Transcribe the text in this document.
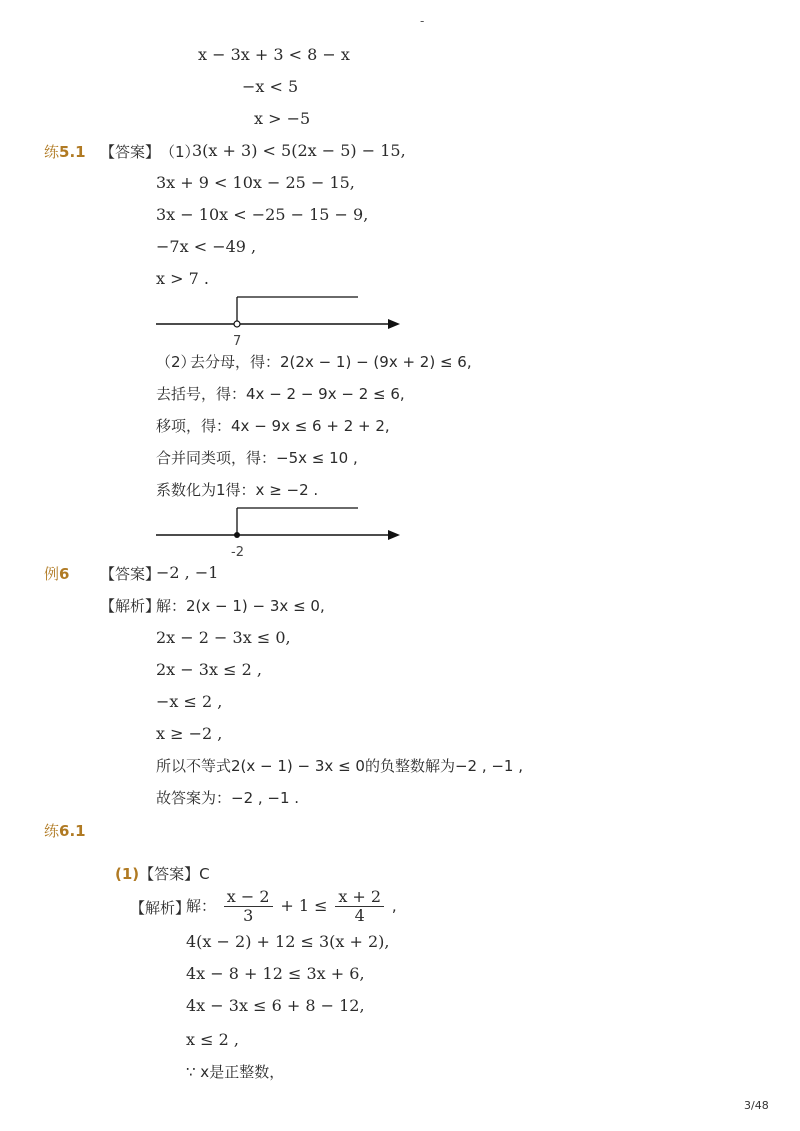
-
x − 3x + 3 < 8 − x
−x < 5
x > −5
练5.1 【答案】 （1）
3(x + 3) < 5(2x − 5) − 15,
3x + 9 < 10x − 25 − 15,
3x − 10x < −25 − 15 − 9,
−7x < −49 ,
x > 7 .
7
（2）
去分母，得：2(2x − 1) − (9x + 2) ≤ 6,
去括号，得：4x − 2 − 9x − 2 ≤ 6,
移项，得：4x − 9x ≤ 6 + 2 + 2,
合并同类项，得：−5x ≤ 10 ,
系数化为1得：x ≥ −2 .
-2
例6 【答案】
−2 , −1
【解析】
解：2(x − 1) − 3x ≤ 0,
2x − 2 − 3x ≤ 0,
2x − 3x ≤ 2 ,
−x ≤ 2 ,
x ≥ −2 ,
所以不等式2(x − 1) − 3x ≤ 0的负整数解为−2 , −1 ,
故答案为：−2 , −1 .
练6.1
(1)【答案】C
【解析】
解： $\frac{x - 2}{3} + 1 \le \frac{x + 2}{4}$ ,
4(x − 2) + 12 ≤ 3(x + 2),
4x − 8 + 12 ≤ 3x + 6,
4x − 3x ≤ 6 + 8 − 12,
x ≤ 2 ,
∵ x是正整数，
3/48
